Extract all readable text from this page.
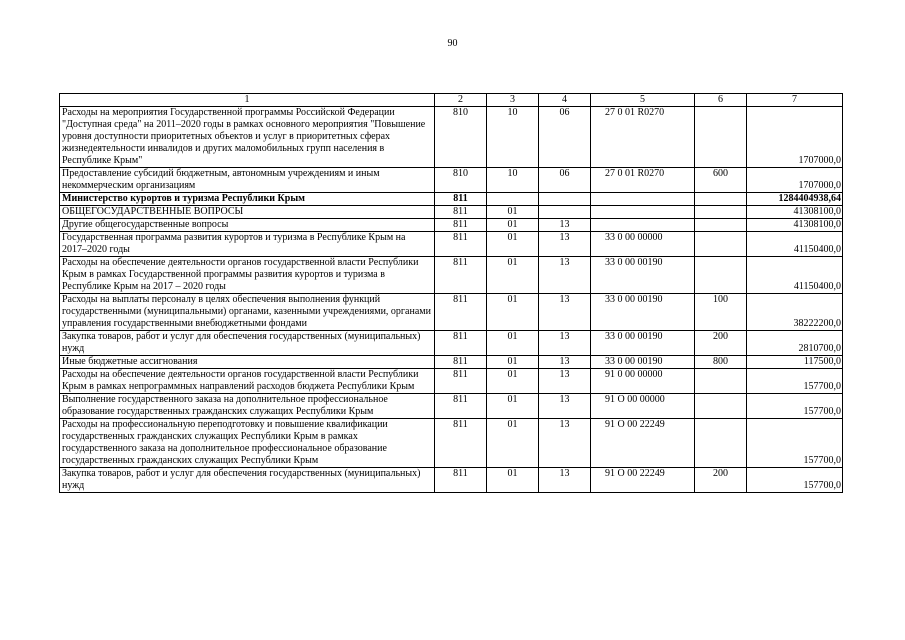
90
1	2	3	4	5	6	7
Расходы на мероприятия Государственной программы Российской Федерации "Доступная среда" на 2011–2020 годы в рамках основного мероприятия "Повышение уровня доступности приоритетных объектов и услуг в приоритетных сферах жизнедеятельности инвалидов и других маломобильных групп населения в Республике Крым"	810	10	06	27 0 01 R0270		1707000,0
Предоставление субсидий бюджетным, автономным учреждениям и иным некоммерческим организациям	810	10	06	27 0 01 R0270	600	1707000,0
Министерство курортов и туризма Республики Крым	811					1284404938,64
ОБЩЕГОСУДАРСТВЕННЫЕ ВОПРОСЫ	811	01				41308100,0
Другие общегосударственные вопросы	811	01	13			41308100,0
Государственная программа развития курортов и туризма в Республике Крым на 2017–2020 годы	811	01	13	33 0 00 00000		41150400,0
Расходы на обеспечение деятельности органов государственной власти Республики Крым в рамках Государственной программы развития курортов и туризма в Республике Крым на 2017 – 2020 годы	811	01	13	33 0 00 00190		41150400,0
Расходы на выплаты персоналу в целях обеспечения выполнения функций государственными (муниципальными) органами, казенными учреждениями, органами управления государственными внебюджетными фондами	811	01	13	33 0 00 00190	100	38222200,0
Закупка товаров, работ и услуг для обеспечения государственных (муниципальных) нужд	811	01	13	33 0 00 00190	200	2810700,0
Иные бюджетные ассигнования	811	01	13	33 0 00 00190	800	117500,0
Расходы на обеспечение деятельности органов государственной власти Республики Крым в рамках непрограммных направлений расходов бюджета Республики Крым	811	01	13	91 0 00 00000		157700,0
Выполнение государственного заказа на дополнительное профессиональное образование государственных гражданских служащих Республики Крым	811	01	13	91 О 00 00000		157700,0
Расходы на профессиональную переподготовку и повышение квалификации государственных гражданских служащих Республики Крым в рамках государственного заказа на дополнительное профессиональное образование государственных гражданских служащих Республики Крым	811	01	13	91 О 00 22249		157700,0
Закупка товаров, работ и услуг для обеспечения государственных (муниципальных) нужд	811	01	13	91 О 00 22249	200	157700,0
